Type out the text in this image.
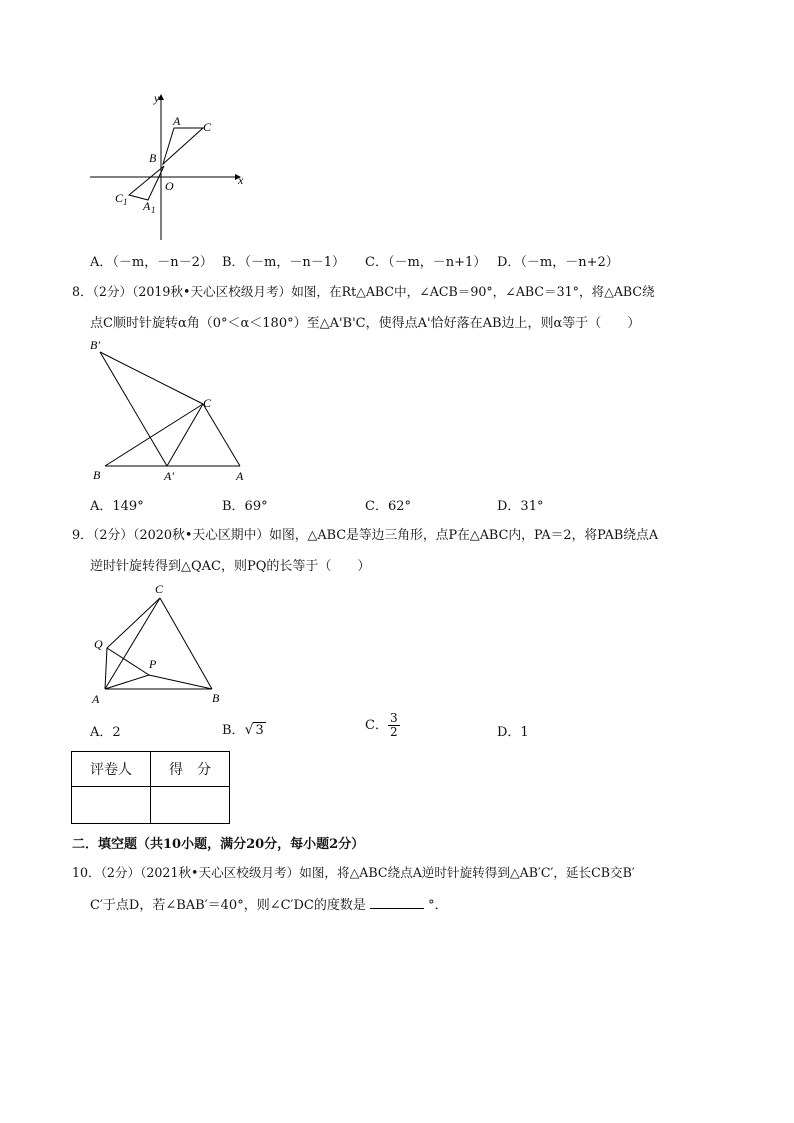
y
x
A C
B
O
C 1 A 1
A．（－m，－n－2） B．（－m，－n－1） C．（－m，－n+1） D．（－m，－n+2）
8．（2分）（2019秋•天心区校级月考）如图，在Rt△ABC中，∠ACB＝90°，∠ABC＝31°，将△ABC绕
点C顺时针旋转α角（0°＜α＜180°）至△A'B'C，使得点A'恰好落在AB边上，则α等于（　　）
B'
C
B	A'	A
A．149°	B．69°	C．62°	D．31°
9．（2分）（2020秋•天心区期中）如图，△ABC是等边三角形，点P在△ABC内，PA＝2，将PAB绕点A
逆时针旋转得到△QAC，则PQ的长等于（　　）
C
Q
P
A	B
A．2	B． √ 3	C． $\frac{3}{2}$	D．1
评卷人	得　分

二．填空题（共10小题，满分20分，每小题2分）
10．（2分）（2021秋•天心区校级月考）如图，将△ABC绕点A逆时针旋转得到△AB′C′，延长CB交B′
C′于点D，若∠BAB′＝40°，则∠C′DC的度数是	°．
